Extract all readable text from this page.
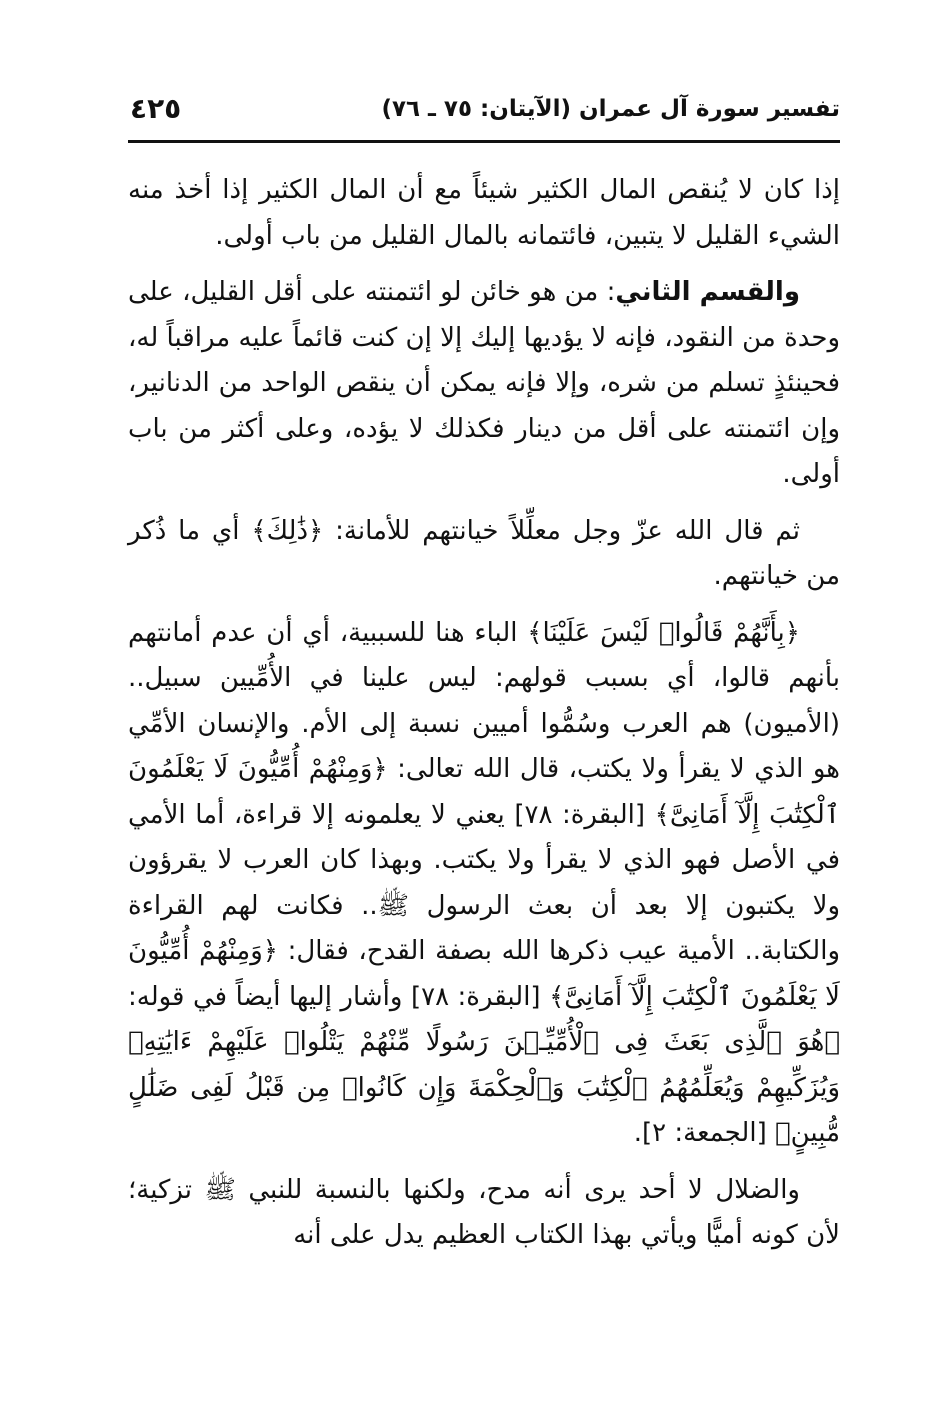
تفسير سورة آل عمران (الآيتان: ٧٥ ـ ٧٦)
٤٢٥

إذا كان لا يُنقص المال الكثير شيئاً مع أن المال الكثير إذا أخذ منه الشيء القليل لا يتبين، فائتمانه بالمال القليل من باب أولى.

والقسم الثاني: من هو خائن لو ائتمنته على أقل القليل، على وحدة من النقود، فإنه لا يؤديها إليك إلا إن كنت قائماً عليه مراقباً له، فحينئذٍ تسلم من شره، وإلا فإنه يمكن أن ينقص الواحد من الدنانير، وإن ائتمنته على أقل من دينار فكذلك لا يؤده، وعلى أكثر من باب أولى.

ثم قال الله عزّ وجل معلِّلاً خيانتهم للأمانة: ﴿ذَٰلِكَ﴾ أي ما ذُكر من خيانتهم.

﴿بِأَنَّهُمْ قَالُوا۟ لَيْسَ عَلَيْنَا﴾ الباء هنا للسببية، أي أن عدم أمانتهم بأنهم قالوا، أي بسبب قولهم: ليس علينا في الأُمِّيين سبيل.. (الأميون) هم العرب وسُمُّوا أميين نسبة إلى الأم. والإنسان الأمِّي هو الذي لا يقرأ ولا يكتب، قال الله تعالى: ﴿وَمِنْهُمْ أُمِّيُّونَ لَا يَعْلَمُونَ ٱلْكِتَٰبَ إِلَّآ أَمَانِىَّ﴾ [البقرة: ٧٨] يعني لا يعلمونه إلا قراءة، أما الأمي في الأصل فهو الذي لا يقرأ ولا يكتب. وبهذا كان العرب لا يقرؤون ولا يكتبون إلا بعد أن بعث الرسول ﷺ.. فكانت لهم القراءة والكتابة.. الأمية عيب ذكرها الله بصفة القدح، فقال: ﴿وَمِنْهُمْ أُمِّيُّونَ لَا يَعْلَمُونَ ٱلْكِتَٰبَ إِلَّآ أَمَانِىَّ﴾ [البقرة: ٧٨] وأشار إليها أيضاً في قوله: ﴿هُوَ ٱلَّذِى بَعَثَ فِى ٱلْأُمِّيِّـۧنَ رَسُولًا مِّنْهُمْ يَتْلُوا۟ عَلَيْهِمْ ءَايَٰتِهِۦ وَيُزَكِّيهِمْ وَيُعَلِّمُهُمُ ٱلْكِتَٰبَ وَٱلْحِكْمَةَ وَإِن كَانُوا۟ مِن قَبْلُ لَفِى ضَلَٰلٍ مُّبِينٍ﴾ [الجمعة: ٢].

والضلال لا أحد يرى أنه مدح، ولكنها بالنسبة للنبي ﷺ تزكية؛ لأن كونه أميًّا ويأتي بهذا الكتاب العظيم يدل على أنه
